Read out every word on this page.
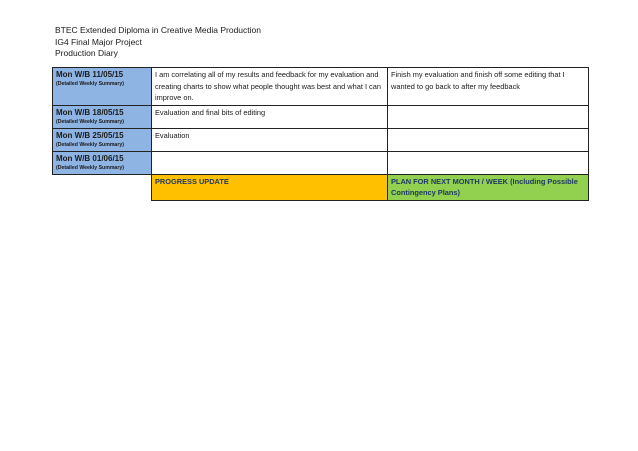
BTEC Extended Diploma in Creative Media Production
IG4 Final Major Project
Production Diary
Mon W/B 11/05/15
(Detailed Weekly Summary)	I am correlating all of my results and feedback for my evaluation and creating charts to show what people thought was best and what I can improve on.	Finish my evaluation and finish off some editing that I wanted to go back to after my feedback

Mon W/B 18/05/15
(Detailed Weekly Summary)	Evaluation and final bits of editing	

Mon W/B 25/05/15
(Detailed Weekly Summary)	Evaluation	

Mon W/B 01/06/15
(Detailed Weekly Summary)		

	PROGRESS UPDATE	PLAN FOR NEXT MONTH / WEEK (Including Possible Contingency Plans)
